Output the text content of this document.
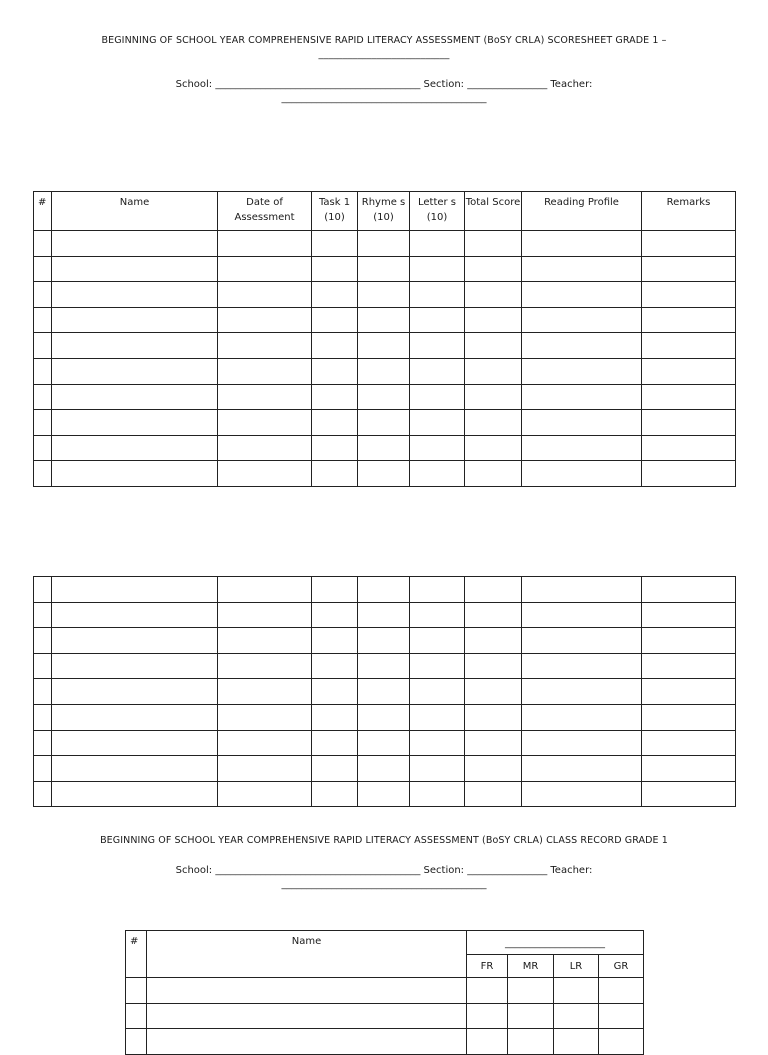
BEGINNING OF SCHOOL YEAR COMPREHENSIVE RAPID LITERACY ASSESSMENT (BoSY CRLA) SCORESHEET GRADE 1 –
___________________________
School: _________________________________________ Section: ________________ Teacher:
_________________________________________
#	Name	Date of Assessment	Task 1 (10)	Rhyme s (10)	Letter s (10)	Total Score	Reading Profile	Remarks

BEGINNING OF SCHOOL YEAR COMPREHENSIVE RAPID LITERACY ASSESSMENT (BoSY CRLA) CLASS RECORD GRADE 1
School: _________________________________________ Section: ________________ Teacher:
_________________________________________
#	Name	____________________			
		FR	MR	LR	GR
